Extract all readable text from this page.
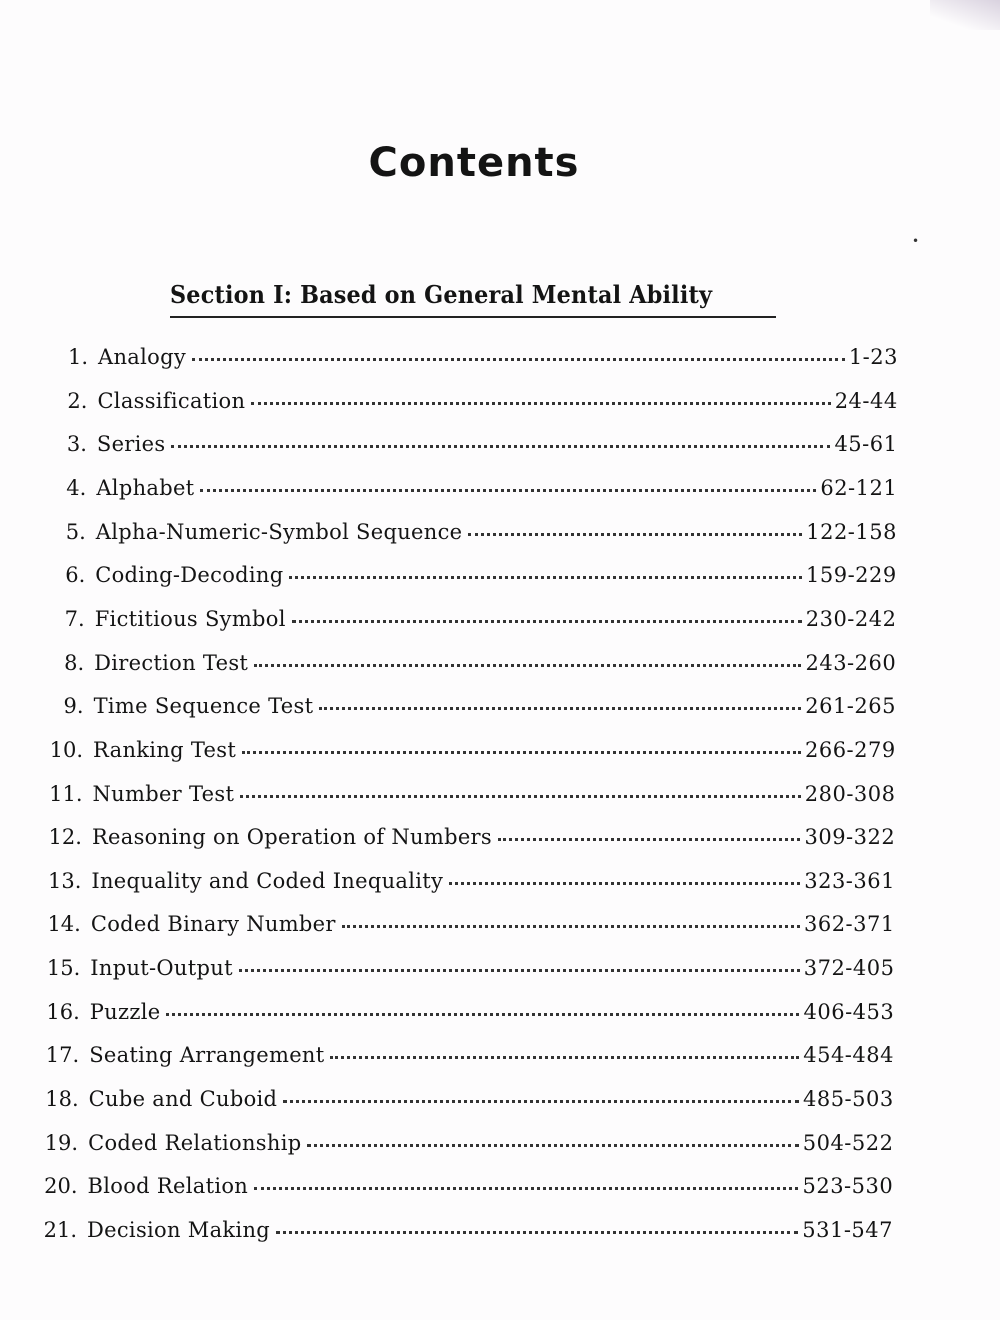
•
Contents
Section I: Based on General Mental Ability
1. Analogy	1-23
2. Classification	24-44
3. Series	45-61
4. Alphabet	62-121
5. Alpha-Numeric-Symbol Sequence	122-158
6. Coding-Decoding	159-229
7. Fictitious Symbol	230-242
8. Direction Test	243-260
9. Time Sequence Test	261-265
10. Ranking Test	266-279
11. Number Test	280-308
12. Reasoning on Operation of Numbers	309-322
13. Inequality and Coded Inequality	323-361
14. Coded Binary Number	362-371
15. Input-Output	372-405
16. Puzzle	406-453
17. Seating Arrangement	454-484
18. Cube and Cuboid	485-503
19. Coded Relationship	504-522
20. Blood Relation	523-530
21. Decision Making	531-547
